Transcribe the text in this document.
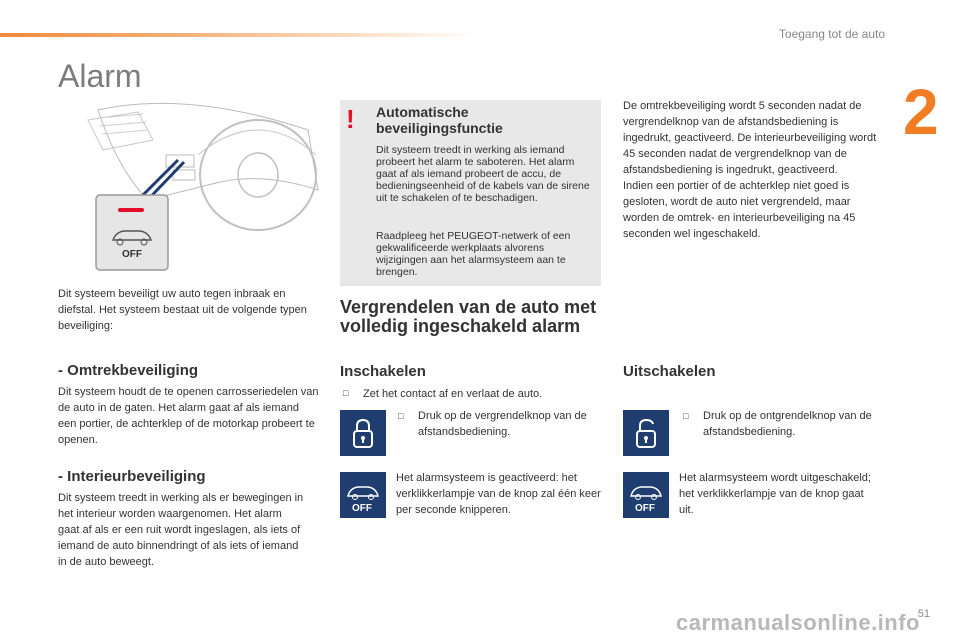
Toegang tot de auto
2
Alarm
OFF

Dit systeem beveiligt uw auto tegen inbraak en diefstal. Het systeem bestaat uit de volgende typen beveiliging:

- Omtrekbeveiliging

Dit systeem houdt de te openen carrosseriedelen van de auto in de gaten. Het alarm gaat af als iemand een portier, de achterklep of de motorkap probeert te openen.

- Interieurbeveiliging

Dit systeem treedt in werking als er bewegingen in het interieur worden waargenomen. Het alarm gaat af als er een ruit wordt ingeslagen, als iets of iemand de auto binnendringt of als iets of iemand in de auto beweegt.

! Automatische beveiligingsfunctie
Dit systeem treedt in werking als iemand probeert het alarm te saboteren. Het alarm gaat af als iemand probeert de accu, de bedieningseenheid of de kabels van de sirene uit te schakelen of te beschadigen.
Raadpleeg het PEUGEOT-netwerk of een gekwalificeerde werkplaats alvorens wijzigingen aan het alarmsysteem aan te brengen.

Vergrendelen van de auto met volledig ingeschakeld alarm

De omtrekbeveiliging wordt 5 seconden nadat de vergrendelknop van de afstandsbediening is ingedrukt, geactiveerd. De interieurbeveiliging wordt 45 seconden nadat de vergrendelknop van de afstandsbediening is ingedrukt, geactiveerd.
Indien een portier of de achterklep niet goed is gesloten, wordt de auto niet vergrendeld, maar worden de omtrek- en interieurbeveiliging na 45 seconden wel ingeschakeld.

Inschakelen

□ Zet het contact af en verlaat de auto.

□ Druk op de vergrendelknop van de afstandsbediening.

OFF

Het alarmsysteem is geactiveerd: het verklikkerlampje van de knop zal één keer per seconde knipperen.

Uitschakelen

□ Druk op de ontgrendelknop van de afstandsbediening.

OFF

Het alarmsysteem wordt uitgeschakeld; het verklikkerlampje van de knop gaat uit.

51
carmanualsonline.info
